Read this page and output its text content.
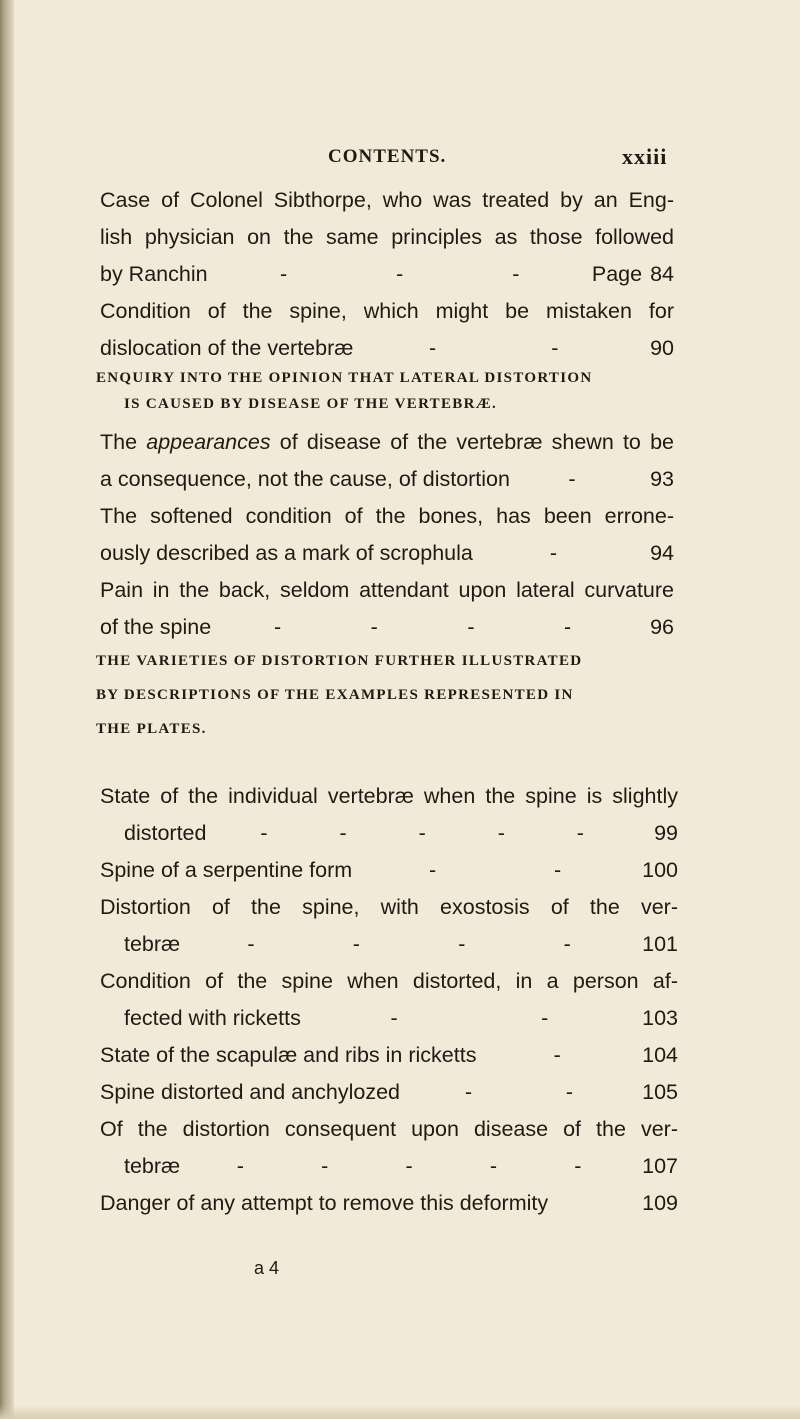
CONTENTS.	xxiii
Case of Colonel Sibthorpe, who was treated by an Eng-
lish physician on the same principles as those followed
by Ranchin	-	-	-	Page 84
Condition of the spine, which might be mistaken for
dislocation of the vertebræ	-	-	90
ENQUIRY INTO THE OPINION THAT LATERAL DISTORTION
IS CAUSED BY DISEASE OF THE VERTEBRÆ.
The appearances of disease of the vertebræ shewn to be
a consequence, not the cause, of distortion	-	93
The softened condition of the bones, has been errone-
ously described as a mark of scrophula	-	94
Pain in the back, seldom attendant upon lateral curvature
of the spine	-	-	-	-	96
THE VARIETIES OF DISTORTION FURTHER ILLUSTRATED
BY DESCRIPTIONS OF THE EXAMPLES REPRESENTED IN
THE PLATES.
State of the individual vertebræ when the spine is slightly
distorted	-	-	-	-	-	99
Spine of a serpentine form	-	-	100
Distortion of the spine, with exostosis of the ver-
tebræ	-	-	-	-	101
Condition of the spine when distorted, in a person af-
fected with ricketts	-	-	103
State of the scapulæ and ribs in ricketts	-	104
Spine distorted and anchylozed	-	-	105
Of the distortion consequent upon disease of the ver-
tebræ	-	-	-	-	-	107
Danger of any attempt to remove this deformity	109
a 4
